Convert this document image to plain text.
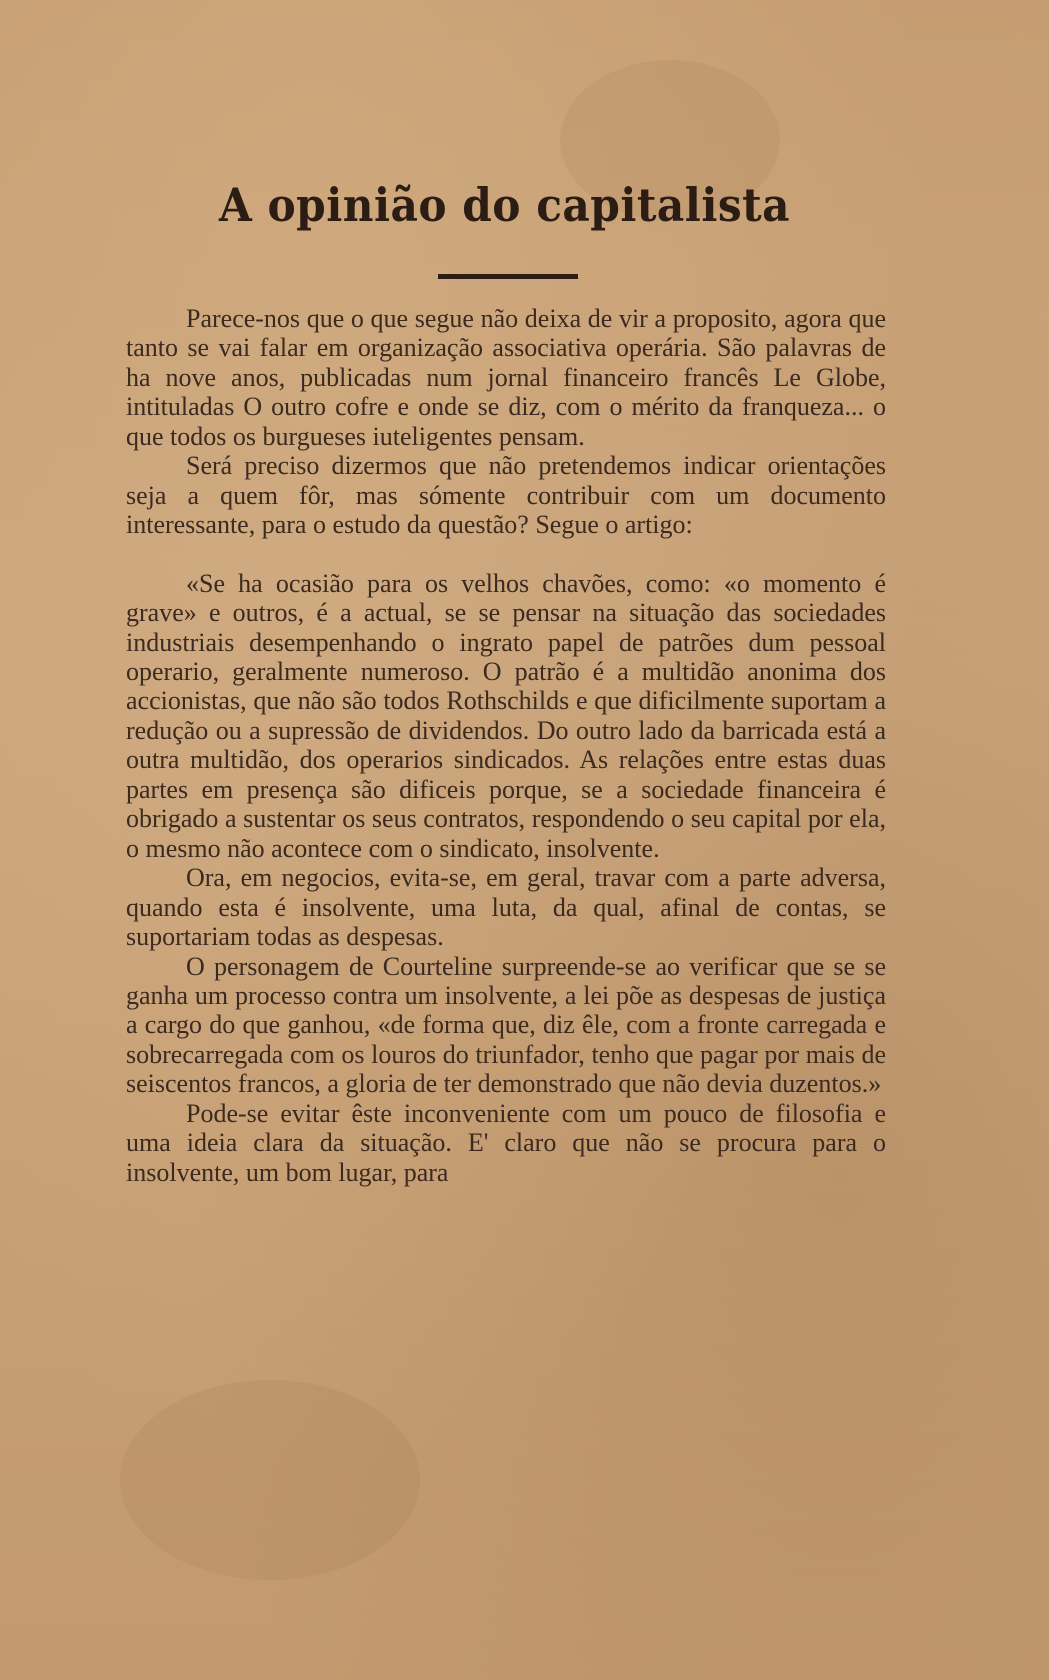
A opinião do capitalista

Parece-nos que o que segue não deixa de vir a proposito, agora que tanto se vai falar em organização associativa operária. São palavras de ha nove anos, publicadas num jornal financeiro francês Le Globe, intituladas O outro cofre e onde se diz, com o mérito da franqueza... o que todos os burgueses iuteligentes pensam.

Será preciso dizermos que não pretendemos indicar orientações seja a quem fôr, mas sómente contribuir com um documento interessante, para o estudo da questão? Segue o artigo:

«Se ha ocasião para os velhos chavões, como: «o momento é grave» e outros, é a actual, se se pensar na situação das sociedades industriais desempenhando o ingrato papel de patrões dum pessoal operario, geralmente numeroso. O patrão é a multidão anonima dos accionistas, que não são todos Rothschilds e que dificilmente suportam a redução ou a supressão de dividendos. Do outro lado da barricada está a outra multidão, dos operarios sindicados. As relações entre estas duas partes em presença são dificeis porque, se a sociedade financeira é obrigado a sustentar os seus contratos, respondendo o seu capital por ela, o mesmo não acontece com o sindicato, insolvente.

Ora, em negocios, evita-se, em geral, travar com a parte adversa, quando esta é insolvente, uma luta, da qual, afinal de contas, se suportariam todas as despesas.

O personagem de Courteline surpreende-se ao verificar que se se ganha um processo contra um insolvente, a lei põe as despesas de justiça a cargo do que ganhou, «de forma que, diz êle, com a fronte carregada e sobrecarregada com os louros do triunfador, tenho que pagar por mais de seiscentos francos, a gloria de ter demonstrado que não devia duzentos.»

Pode-se evitar êste inconveniente com um pouco de filosofia e uma ideia clara da situação. E' claro que não se procura para o insolvente, um bom lugar, para
